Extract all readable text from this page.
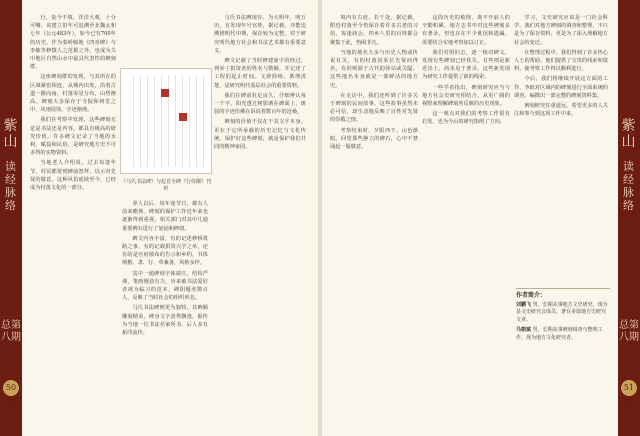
紫山
读经脉络
总第八期
50页

行，复今不填，洋洋大观，十分可嘴。该建立旧年可追溯至北魏太和七年（公元483年），如今已有700年的历史，作为秦岭腹地《四喜碑》与李敏等修撰人之范据之外，也成为关中地区自然山水中最具代表性的碑刻群。

这座碑刻群的发现，与其所在的区域紧密相连。从城内出发，沿着古道一路向南，村落零星分布，山势渐高。碑刻大多保存于寺院和祠堂之中，风雨侵蚀，字迹渐漫。

我们在考察中发现，这些碑刻无论是书法还是内容，都具有极高的研究价值。许多碑文记录了当地的水利、赋役和民俗，是研究地方史不可多得的实物资料。

当地老人介绍说，过去每逢年节，村民都要到碑前祭拜，以示对先贤的敬意。这种风俗延续至今，已经成为村落文化的一部分。

养人以后，每年逢节日，都有人前来瞻仰。碑刻的保护工作近年来也逐渐得到重视，相关部门对其中几通重要碑石进行了加固和修缮。

碑文内容丰富，有的记述修桥筑路之事，有的记载捐资兴学之举，还有的是官府颁布的告示和乡约。书体则楷、隶、行、草兼备，风格多样。

其中一通碑刻字体端庄，结构严谨，笔画刚劲有力，历来被书法爱好者视为临习的范本。碑阴题名数百人，反映了当时社会的组织形态。

马氏书法碑则更为独特，其碑额雕刻精美，碑身文字清秀飘逸，据传为当地一位书法名家所书，后人多有拓印流传。

《马氏书法碑》与起首全碑《行侍御》刊析

马氏书法碑现存，为大明年，明万历，有发现年号官姓，据记载，亦能追溯到明代中期，保存较为完整。对于研究明代地方社会和书法艺术都有重要意义。

碑文记载了当时修建庙宇的经过，列举了捐资者的姓名与数额，并记述了工程的起止时间。文辞简练，条理清楚，是研究明代基层社会的重要资料。

我们在碑前驻足良久，仔细辨认每一个字。阳光透过树影洒在碑面上，斑驳的字迹仿佛在诉说着数百年的沧桑。

碑刻的价值不仅在于其文字本身，更在于它所承载的历史记忆与文化传统。保护好这些碑刻，就是保护我们共同的精神家园。

境内有古迹，若干处。据记载，附近村落至今仍保存着许多古老的习俗，每逢庙会，四乡八里的百姓都会聚集于此，热闹非凡。

当地的地名大多与历史人物或传说有关，有的村落因某位先贤而得名，有的则源于古代的驿站或关隘。这些地名本身就是一部鲜活的地方史。

在走访中，我们还听到了许多关于碑刻的民间故事。这些故事虽然未必可信，却生动地反映了百姓对先贤的崇敬之情。

考察结束时，夕阳西下，山色渐暗。回望那些静立的碑石，心中不禁涌起一股敬意。

这段历史的梳理，离不开前人的辛勤积累。地方志书中对这些碑刻多有著录，但也存在不少讹误和遗漏，需要结合实地考察加以订正。

我们对照旧志，逐一核对碑文，发现有些碑刻已经佚失，有些则是新近出土，尚未见于著录。这些新发现为研究工作提供了新的线索。

一些学者指出，碑刻研究应当与地方社会史研究相结合，从更广阔的视野来理解碑刻所反映的历史现象。

这一观点对我们的考察工作很有启发，也为今后的研究指明了方向。

学习，文史研究应该是一门社会科学。我们对地方碑刻的调查和整理，不只是为了保存资料，更是为了深入理解地方社会的变迁。

在整理过程中，我们得到了许多热心人士的帮助，他们提供了宝贵的线索和资料，使考察工作得以顺利进行。

今后，我们将继续开展这方面的工作，争取对区域内的碑刻进行全面系统的调查，编撰出一部完整的碑刻资料集。

碑刻研究任重道远，希望更多的人关注和参与到这项工作中来。

作者简介：

刘鹏飞 男，长期从事地方文史研究，现为县文史研究会成员，著有多篇地方史研究文章。

马朝斌 男，长期从事碑刻调查与整理工作，现为地方文化研究者。

紫山
读经脉络
总第八期
51页
